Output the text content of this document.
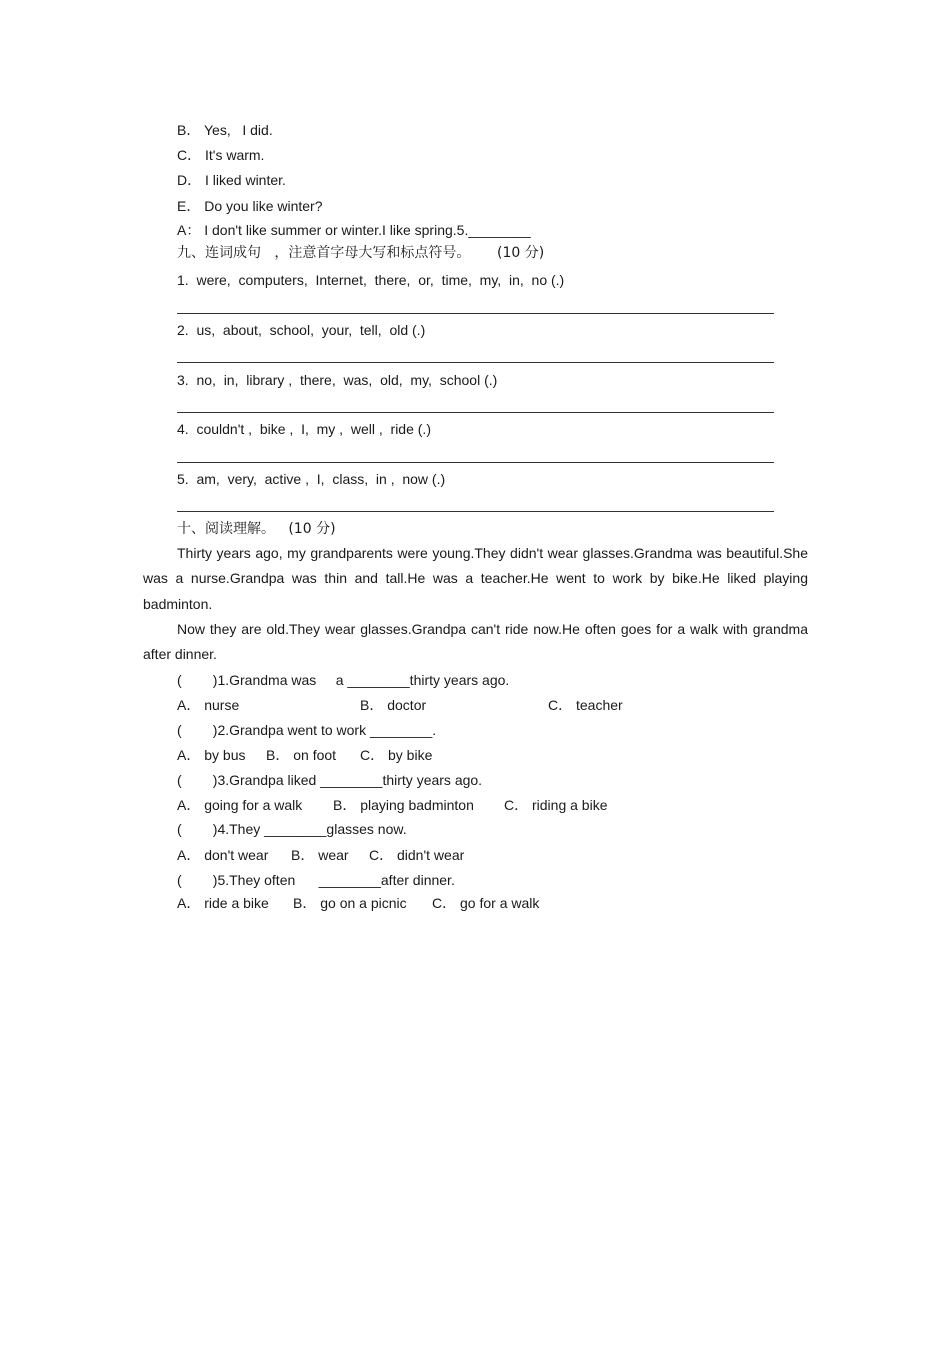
B． Yes,   I did.
C． It's warm.
D． I liked winter.
E． Do you like winter?
A： I don't like summer or winter.I like spring.5.________
九、连词成句   ，注意首字母大写和标点符号。      (10 分)
1.  were,  computers,  Internet,  there,  or,  time,  my,  in,  no (.)
2.  us,  about,  school,  your,  tell,  old (.)
3.  no,  in,  library ,  there,  was,  old,  my,  school (.)
4.  couldn't ,  bike ,  I,  my ,  well ,  ride (.)
5.  am,  very,  active ,  I,  class,  in ,  now (.)
十、阅读理解。   (10 分)
Thirty years ago, my grandparents were young.They didn't wear glasses.Grandma was beautiful.She was a nurse.Grandpa was thin and tall.He was a teacher.He went to work by bike.He liked playing badminton.
Now they are old.They wear glasses.Grandpa can't ride now.He often goes for a walk with grandma after dinner.
(        )1.Grandma was     a ________thirty years ago.
A． nurse	B． doctor	C． teacher
(        )2.Grandpa went to work ________.
A． by bus B． on foot C． by bike
(        )3.Grandpa liked ________thirty years ago.
A． going for a walk B． playing badminton C． riding a bike
(        )4.They ________glasses now.
A． don't wear B． wear C． didn't wear
(        )5.They often      ________after dinner.
A． ride a bike B． go on a picnic C． go for a walk
